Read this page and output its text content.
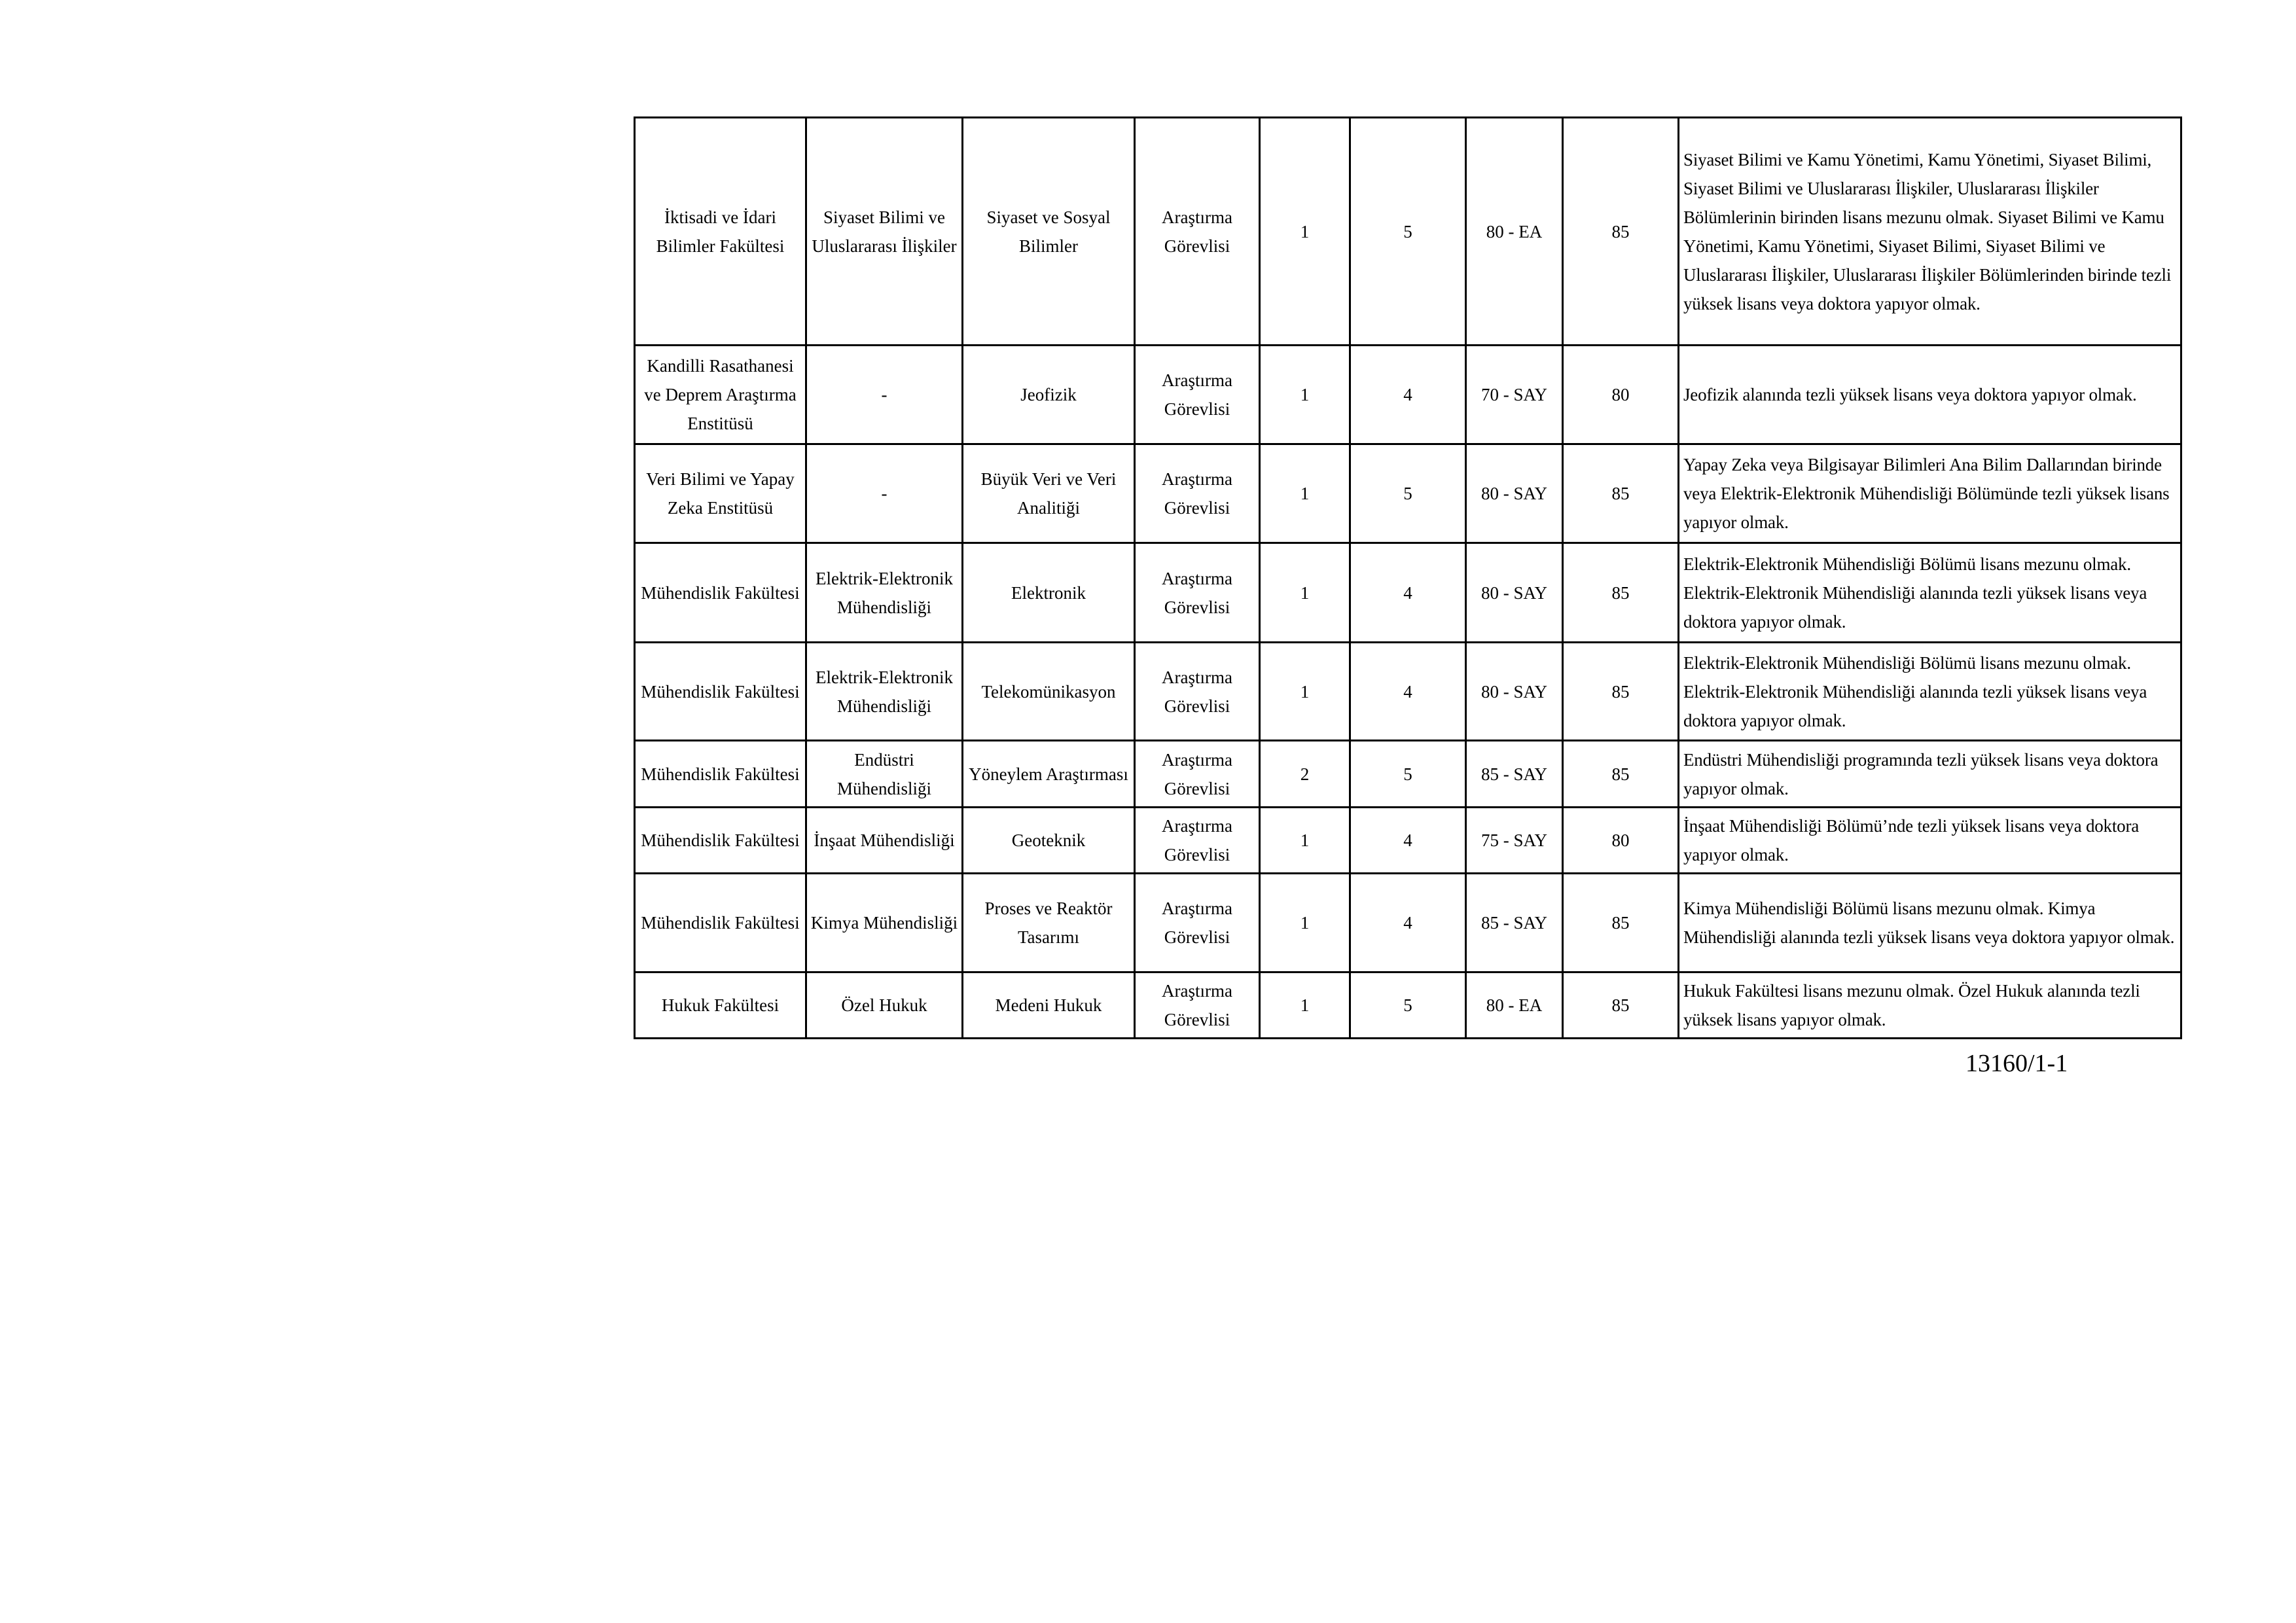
İktisadi ve İdari Bilimler Fakültesi	Siyaset Bilimi ve Uluslararası İlişkiler	Siyaset ve Sosyal Bilimler	Araştırma Görevlisi	1	5	80 - EA	85	Siyaset Bilimi ve Kamu Yönetimi, Kamu Yönetimi, Siyaset Bilimi, Siyaset Bilimi ve Uluslararası İlişkiler, Uluslararası İlişkiler Bölümlerinin birinden lisans mezunu olmak. Siyaset Bilimi ve Kamu Yönetimi, Kamu Yönetimi, Siyaset Bilimi, Siyaset Bilimi ve Uluslararası İlişkiler, Uluslararası İlişkiler Bölümlerinden birinde tezli yüksek lisans veya doktora yapıyor olmak.
Kandilli Rasathanesi ve Deprem Araştırma Enstitüsü	-	Jeofizik	Araştırma Görevlisi	1	4	70 - SAY	80	Jeofizik alanında tezli yüksek lisans veya doktora yapıyor olmak.
Veri Bilimi ve Yapay Zeka Enstitüsü	-	Büyük Veri ve Veri Analitiği	Araştırma Görevlisi	1	5	80 - SAY	85	Yapay Zeka veya Bilgisayar Bilimleri Ana Bilim Dallarından birinde veya Elektrik-Elektronik Mühendisliği Bölümünde tezli yüksek lisans yapıyor olmak.
Mühendislik Fakültesi	Elektrik-Elektronik Mühendisliği	Elektronik	Araştırma Görevlisi	1	4	80 - SAY	85	Elektrik-Elektronik Mühendisliği Bölümü lisans mezunu olmak. Elektrik-Elektronik Mühendisliği alanında tezli yüksek lisans veya doktora yapıyor olmak.
Mühendislik Fakültesi	Elektrik-Elektronik Mühendisliği	Telekomünikasyon	Araştırma Görevlisi	1	4	80 - SAY	85	Elektrik-Elektronik Mühendisliği Bölümü lisans mezunu olmak. Elektrik-Elektronik Mühendisliği alanında tezli yüksek lisans veya doktora yapıyor olmak.
Mühendislik Fakültesi	Endüstri Mühendisliği	Yöneylem Araştırması	Araştırma Görevlisi	2	5	85 - SAY	85	Endüstri Mühendisliği programında tezli yüksek lisans veya doktora yapıyor olmak.
Mühendislik Fakültesi	İnşaat Mühendisliği	Geoteknik	Araştırma Görevlisi	1	4	75 - SAY	80	İnşaat Mühendisliği Bölümü’nde tezli yüksek lisans veya doktora yapıyor olmak.
Mühendislik Fakültesi	Kimya Mühendisliği	Proses ve Reaktör Tasarımı	Araştırma Görevlisi	1	4	85 - SAY	85	Kimya Mühendisliği Bölümü lisans mezunu olmak. Kimya Mühendisliği alanında tezli yüksek lisans veya doktora yapıyor olmak.
Hukuk Fakültesi	Özel Hukuk	Medeni Hukuk	Araştırma Görevlisi	1	5	80 - EA	85	Hukuk Fakültesi lisans mezunu olmak. Özel Hukuk alanında tezli yüksek lisans yapıyor olmak.
13160/1-1
